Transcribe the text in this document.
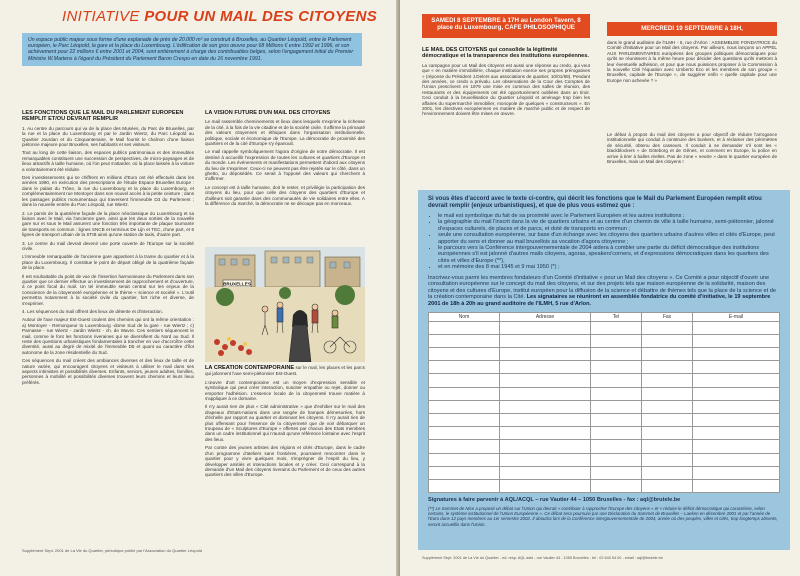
INITIATIVE POUR UN MAIL DES CITOYENS

Un espace public majeur sous forme d'une esplanade de près de 20.000 m² se construit à Bruxelles, au Quartier Léopold, entre le Parlement européen, le Parc Léopold, la gare et la place du Luxembourg. L'édification de son gros œuvre pour 68 Millions € entre 1992 et 1996, et son achèvement pour 22 millions € entre 2001 et 2004, sont entièrement à charge des contribuables belges, selon l'engagement initial du Premier Ministre W.Martens à l'égard du Président du Parlement Baron Crespo en date du 16 novembre 1991.

LES FONCTIONS QUE LE MAIL DU PARLEMENT EUROPEEN REMPLIT ET/OU DEVRAIT REMPLIR

1. Au centre du parcours qui va de la place des Musées, du Parc de Bruxelles, par la rue et la place du Luxembourg et par le Jardin Wiertz, du Parc Léopold au Quartier Jourdan et du Cinquantenaire, le Mail fournit le chaînon d'une liaison piétonne majeure pour Bruxelles, ses habitants et ses visiteurs.

Tout au long de cette liaison, des espaces publics patrimoniaux et des immeubles remarquables constituent une succession de perspectives, de micro-paysages et de lieux attractifs à taille humaine, où l'on peut s'attarder, où la place laissée à la voiture a volontairement été réduite.

Des investissements qui se chiffrent en millions d'Euro ont été effectués dans les années 1990, en exécution des prescriptions de l'étude Espace Bruxelles Europe : dans le palais du Trône, la rue du Luxembourg et la place du Luxembourg, et complémentairement rue Montoyer dans son nouvel accès à la petite ceinture ; dans les passages publics monumentaux qui traversent l'immeuble D3 du Parlement ; dans la nouvelle entrée du Parc Léopold, rue Wiertz.

2. Le parvis de la quatrième façade de la place néoclassique du Luxembourg et sa liaison avec le Mail, via l'ancienne gare, ainsi que les deux sorties de la nouvelle gare sur et sous le Mail assurent une fonction très importante de plaque tournante de transports en commun : lignes SNCB et terminus De Lijn et TEC, d'une part, et 6 lignes de transport urbain de la STIB ainsi qu'une station de taxis, d'autre part.

3. Le centre du mail devrait devenir une porte ouverte de l'Europe sur la société civile.

L'immeuble remarquable de l'ancienne gare appartient à la trame du quartier et à la place du Luxembourg. Il constitue le point de départ obligé de la quatrième façade de la place.

Il est souhaitable du point de vue de l'insertion harmonieuse du Parlement dans son quartier que ce dernier effectue un investissement de rapprochement et d'ouverture, à ce point focal du mail. Un tel immeuble serait central sur les enjeux de la conscience de la citoyenneté européenne et le thème « science et société ». L'outil permettra notamment à la société civile du quartier, fort riche et diverse, de s'exprimer.

4. Les séquences du mail offrent des lieux de détente et d'interaction.

Autour de l'axe majeur Est-Ouest coulent des chemins qui ont la même orientation : a) Montoyer - Remorqueur to Luxembourg -dome Sud de la gare - rue Wiertz ; c) Parnasse - rue Wiertz - Jardin Wiertz - ch. de Wavre. Ces sentiers séquencent le mail, comme le font les fonctions riveraines qui se diversifient du Nord au Sud. Il reste des questions urbanistiques fondamentales à trancher en vue d'accroître cette diversité, aussi au degré de mixité de l'immeuble D5 et quant au caractère d'îlot autonome de la zone résidentielle du Sud.

Ces séquences du mail créent des ambiances diverses et des lieux de taille et de nature variée, qui encouragent citoyens et visiteurs à utiliser le mail dans ses aspects intimistes et possibilités diverses. Enfants, seniors, jeunes adultes, familles, personnes à mobilité et possibilités diverses trouvent leurs chemins et leurs lieux préférés.

LA VISION FUTURE D'UN MAIL DES CITOYENS

Le mail rassemble cheminements et lieux dans lesquels s'exprime la richesse de la cité, à la fois de la vie citadine et de la société civile. Il affirme la primauté des valeurs citoyennes et éthiques dans l'organisation institutionnelle, politique, sociale et économique de l'Europe. La démocratie de proximité des quartiers et de la cité d'Europe s'y épanouit.

Le mail rappelle symboliquement l'agora d'origine de notre démocratie. Il est destiné à accueillir l'expression de toutes les cultures et quartiers d'Europe et du monde. Les événements et manifestations permettent d'abord aux citoyens du lieu de s'exprimer. Ceux-ci ne peuvent pas être rejetés sur le côté, dans un ghetto, ou déposédés. Ce serait à l'opposé des valeurs qui cherchent à s'affirmer.

Le concept est à taille humaine, doit le rester, et privilégie la participation des citoyens du lieu, pour que celle des citoyens des quartiers d'Europe et d'ailleurs soit garantie dans des communautés de vie solidaires entre elles. A la différence du marché, la démocratie ne se découpe pas en morceaux.

BRUXELLES

LA CREATION CONTEMPORAINE sur le mail, les places et les parcs qui jalonnent l'axe semi-piétonnier Est-Ouest.

L'œuvre d'art contemporaine est un moyen d'expression sensible et symbolique qui peut créer interaction, susciter empathie ou rejet, donner ou emporter l'adhésion. L'essence locale de la citoyenneté trouve matière à s'appliquer à ce domaine.

Il n'y aurait rien de plus « Cité administrative » que d'exhiber sur le mail des drapeaux d'Etats-nations dans une rangée de hampes démesurées, hors d'échelle par rapport au quartier et dominant les citoyens. Il n'y aurait rien de plus offensant pour l'essence de la citoyenneté que de voir débarquer un troupeau de « Sculptures d'Europe » offertes par chacun des Etats membres dans un cadre institutionnel qui n'aurait qu'une référence lointaine avec l'esprit des lieux.

Par contre des jeunes artistes des régions et cités d'Europe, dans le cadre d'un programme d'ateliers sans frontières, pourraient rencontrer dans le quartier pour y vivre quelques mois, s'imprégner de l'esprit du lieu, y développer amitiés et interactions locales et y créer. Ceci correspond à la demande d'un Mail des citoyens riverains du Parlement et de ceux des autres quartiers des villes d'Europe.

Supplément Sept. 2001 de La Vie du Quartier, périodique publié par l'Association du Quartier Léopold
SAMEDI 8 SEPTEMBRE à 17H au London Tavern, 8 place du Luxembourg, CAFE PHILOSOPHIQUE	MERCREDI 19 SEPTEMBRE à 18H,

LE MAIL DES CITOYENS qui consolide la légitimité démocratique et la transparence des institutions européennes.

La campagne pour un Mail des citoyens est aussi une réponse au credo, qui veut que « en matière immobilière, chaque institution exerce ses propres prérogatives » (réponse du Président J.Delors aux associations de quartier, 10/01/89). Pendant des années, ce credo a prévalu. Les observations de la Cour des Comptes de l'Union prescrivent en 1979 une mise en commun des salles de réunion, des restaurants et des équipements ont été opportunément oubliées dans un tiroir. Ceci conduit à la bruxellisation du Quartier Léopold et aménage trop bien les affaires du supermarché immobilier, monopole de quelques « constructeurs ». En 2001, les directives européennes en matière de marché public et de respect de l'environnement doivent être mises en œuvre.

dans le grand auditoire de l'ILMH - 5, rue d'Arlon : ASSEMBLEE FONDATRICE du Comité d'initiative pour un Mail des citoyens. Par ailleurs, nous lançons un APPEL AUX PARLEMENTAIRES européens des groupes politiques démocratiques pour qu'ils se réunissent à la même heure pour décider des questions qu'ils mettront à leur éventuelle adhésion, et pour que nous puissions proposer à la Commission à la nouvelle Cité l'équation avec Umberto Eco et les membres de son groupe « Bruxelles, capitale de l'Europe », de suggérer enfin « quelle capitale pour une Europe non achevée ? »

Le débat à propos du mail des citoyens a pour objectif de réduire l'arrogance institutionnelle qui conduit à construire des bunkers, et à réclamer des périmètres de sécurité, obtenu des casseurs. Il conduit à se demander s'il sont les « blackblockers » de Göteborg et de Gênes, et comment en Europe, la police en arrive à tirer à balles réelles. Pas de zone « neutre » dans le quartier européen de Bruxelles, mais un Mail des citoyens !

Si vous êtes d'accord avec le texte ci-contre, qui décrit les fonctions que le Mail du Parlement Européen remplit et/ou devrait remplir (enjeux urbanistiques), et que de plus vous estimez que :

• le mail est symbolique du fait de sa proximité avec le Parlement Européen et les autres institutions ;
• la géographie du mail l'inscrit dans la vie de quartiers urbains et au centre d'un chemin de ville à taille humaine, semi-piétonnier, jalonné d'espaces culturels, de places et de parcs, et doté de transports en commun ;
• seule une consultation européenne, sur base d'un échange avec les citoyens des quartiers urbains d'autres villes et cités d'Europe, peut apporter du sens et donner au mail bruxellois sa vocation d'agora citoyenne ;
• le parcours vers la Conférence intergouvernementale de 2004 aidera à combler une partie du déficit démocratique des institutions européennes s'il est jalonné d'autres mails citoyens, agoras, speakers'corners, et d'expressions démocratiques dans les quartiers des cités et villes d'Europe (**),
• et en mémoire des 8 mai 1945 et 9 mai 1950 (*) ;

Inscrivez-vous parmi les membres fondateurs d'un Comité d'initiative « pour un Mail des citoyens ». Ce Comité a pour objectif d'ouvrir une consultation européenne sur le concept du mail des citoyens, et sur des projets tels que maison européenne de la solidarité, maison des citoyens et des cultures d'Europe, institut européen pour la diffusion de la science et débattre de thèmes tels que la place de la science et de la création contemporaine dans la Cité. Les signataires se réuniront en assemblée fondatrice du comité d'initiative, le 19 septembre 2001 de 18h à 20h au grand auditoire de l'ILMH, 5 rue d'Arlon.

Nom	Adresse	Tel	Fax	E-mail

Signatures à faire parvenir à AQL/ACQL – rue Vautier 44 – 1050 Bruxelles - fax : aql@brutele.be

(**) Le Sommet de Nice a proposé un débat sur l'Union qui devrait « contribuer à rapprocher l'Europe des citoyens » et « réduire le déficit démocratique qui caractérise, selon certains, le système institutionnel de l'Union Européenne ». Ce débat sera poursuivi par une Déclaration du Sommet de Bruxelles – Laeken en décembre 2001 et par l'année de l'Euro dans 12 pays membres au 1er semestre 2002. Il aboutira lors de la Conférence intergouvernementale de 2004, année où des peuples, villes et cités, trop longtemps absents, seront accueillis dans l'Union.

Supplément Sept. 2001 de La Vie du Quartier - ed. resp. AQL asbl - rue Vautier 44 - 1050 Bruxelles - tel : 02 640 54 00 - email : aql@brutele.be
